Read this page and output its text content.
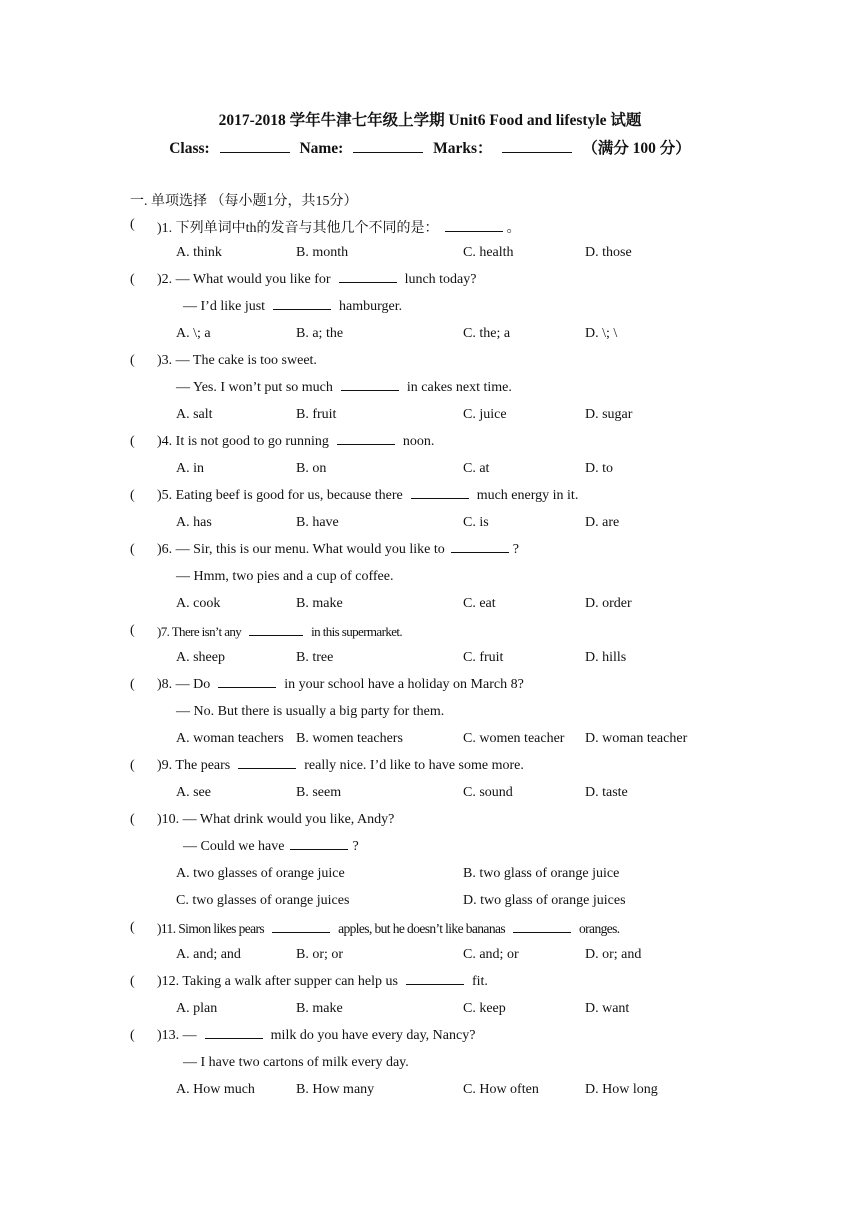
2017-2018 学年牛津七年级上学期 Unit6 Food and lifestyle 试题
Class:	Name:	Marks：	（满分 100 分）
一. 单项选择 （每小题1分，共15分）
( )1. 下列单词中th的发音与其他几个不同的是：	。
A. think	B. month	C. health	D. those
( )2. — What would you like for	lunch today?
— I’d like just	hamburger.
A. \; a	B. a; the	C. the; a	D. \; \
( )3. — The cake is too sweet.
— Yes. I won’t put so much	in cakes next time.
A. salt	B. fruit	C. juice	D. sugar
( )4. It is not good to go running	noon.
A. in	B. on	C. at	D. to
( )5. Eating beef is good for us, because there	much energy in it.
A. has	B. have	C. is	D. are
( )6. — Sir, this is our menu. What would you like to	?
— Hmm, two pies and a cup of coffee.
A. cook	B. make	C. eat	D. order
( )7. There isn’t any	in this supermarket.
A. sheep	B. tree	C. fruit	D. hills
( )8. — Do	in your school have a holiday on March 8?
— No. But there is usually a big party for them.
A. woman teachers B. women teachers	C. women teacher D. woman teacher
( )9. The pears	really nice. I’d like to have some more.
A. see	B. seem	C. sound	D. taste
( )10. — What drink would you like, Andy?
— Could we have	?
A. two glasses of orange juice	B. two glass of orange juice
C. two glasses of orange juices	D. two glass of orange juices
( )11. Simon likes pears	apples, but he doesn’t like bananas	oranges.
A. and; and	B. or; or	C. and; or	D. or; and
( )12. Taking a walk after supper can help us	fit.
A. plan	B. make	C. keep	D. want
( )13. —	milk do you have every day, Nancy?
— I have two cartons of milk every day.
A. How much	B. How many	C. How often	D. How long
